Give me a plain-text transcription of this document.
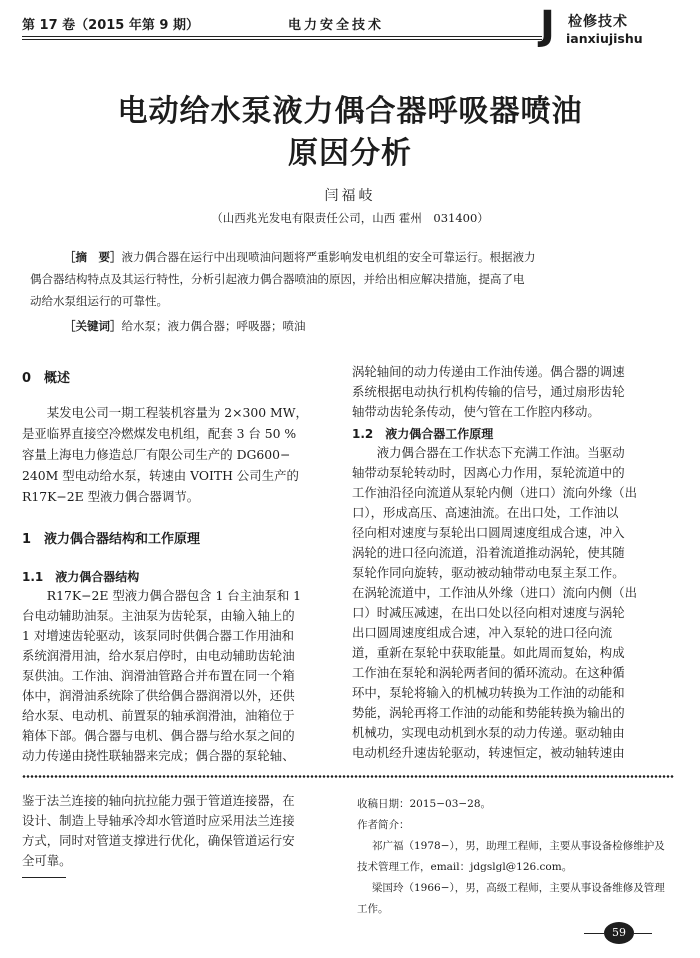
第 17 卷（2015 年第 9 期）	电力安全技术	J 检修技术
ianxiujishu
电动给水泵液力偶合器呼吸器喷油
原因分析
闫福岐
（山西兆光发电有限责任公司，山西 霍州　031400）
［摘　要］液力偶合器在运行中出现喷油问题将严重影响发电机组的安全可靠运行。根据液力
偶合器结构特点及其运行特性，分析引起液力偶合器喷油的原因，并给出相应解决措施，提高了电
动给水泵组运行的可靠性。
［关键词］给水泵；液力偶合器；呼吸器；喷油
0　概述
　　某发电公司一期工程装机容量为 2×300 MW，
是亚临界直接空冷燃煤发电机组，配套 3 台 50 %
容量上海电力修造总厂有限公司生产的 DG600−
240M 型电动给水泵，转速由 VOITH 公司生产的
R17K−2E 型液力偶合器调节。
1　液力偶合器结构和工作原理
1.1　液力偶合器结构
　　R17K−2E 型液力偶合器包含 1 台主油泵和 1
台电动辅助油泵。主油泵为齿轮泵，由输入轴上的
1 对增速齿轮驱动，该泵同时供偶合器工作用油和
系统润滑用油，给水泵启停时，由电动辅助齿轮油
泵供油。工作油、润滑油管路合并布置在同一个箱
体中，润滑油系统除了供给偶合器润滑以外，还供
给水泵、电动机、前置泵的轴承润滑油，油箱位于
箱体下部。偶合器与电机、偶合器与给水泵之间的
动力传递由挠性联轴器来完成；偶合器的泵轮轴、
涡轮轴间的动力传递由工作油传递。偶合器的调速
系统根据电动执行机构传输的信号，通过扇形齿轮
轴带动齿轮条传动，使勺管在工作腔内移动。
1.2　液力偶合器工作原理
　　液力偶合器在工作状态下充满工作油。当驱动
轴带动泵轮转动时，因离心力作用，泵轮流道中的
工作油沿径向流道从泵轮内侧（进口）流向外缘（出
口），形成高压、高速油流。在出口处，工作油以
径向相对速度与泵轮出口圆周速度组成合速，冲入
涡轮的进口径向流道，沿着流道推动涡轮，使其随
泵轮作同向旋转，驱动被动轴带动电泵主泵工作。
在涡轮流道中，工作油从外缘（进口）流向内侧（出
口）时减压减速，在出口处以径向相对速度与涡轮
出口圆周速度组成合速，冲入泵轮的进口径向流
道，重新在泵轮中获取能量。如此周而复始，构成
工作油在泵轮和涡轮两者间的循环流动。在这种循
环中，泵轮将输入的机械功转换为工作油的动能和
势能，涡轮再将工作油的动能和势能转换为输出的
机械功，实现电动机到水泵的动力传递。驱动轴由
电动机经升速齿轮驱动，转速恒定，被动轴转速由
鉴于法兰连接的轴向抗拉能力强于管道连接器，在
设计、制造上导轴承冷却水管道时应采用法兰连接
方式，同时对管道支撑进行优化，确保管道运行安
全可靠。
收稿日期：2015−03−28。
作者简介：
祁广福（1978−），男，助理工程师，主要从事设备检修维护及
技术管理工作，email：jdgslgl@126.com。
梁国玲（1966−），男，高级工程师，主要从事设备维修及管理
工作。
59
